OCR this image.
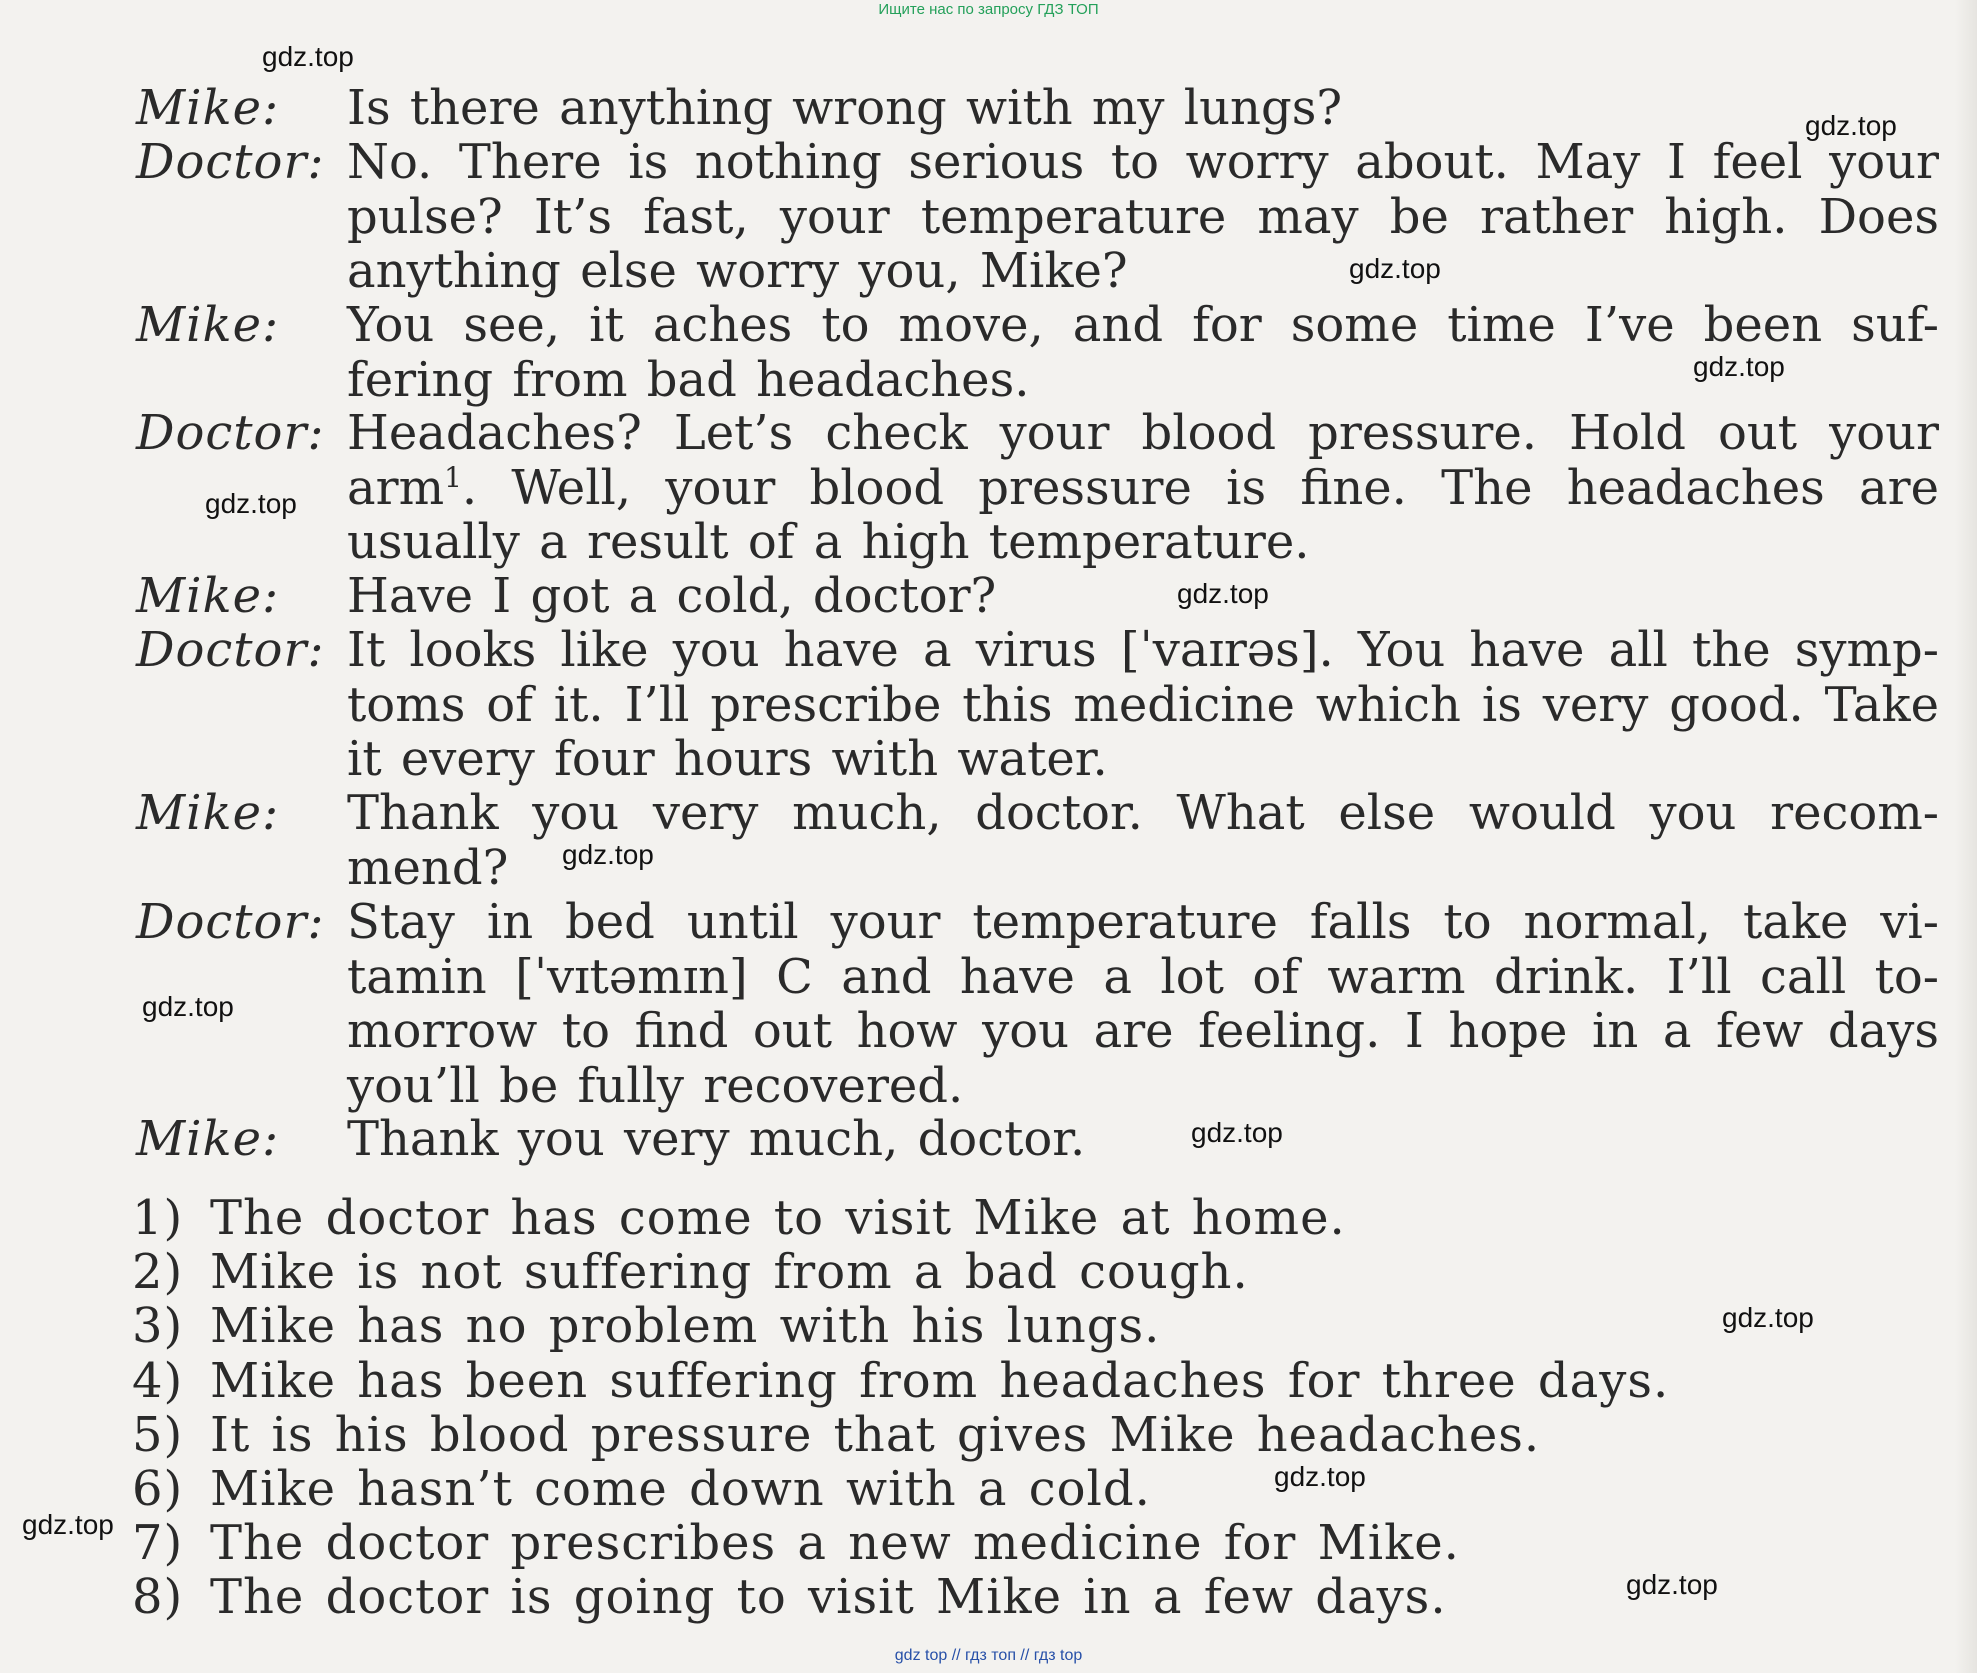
Ищите нас по запросу ГДЗ ТОП
Mike: Is there anything wrong with my lungs?
Doctor: No. There is nothing serious to worry about. May I feel your pulse? It’s fast, your temperature may be rather high. Does anything else worry you, Mike?
Mike: You see, it aches to move, and for some time I’ve been suf- fering from bad headaches.
Doctor: Headaches? Let’s check your blood pressure. Hold out your arm$^1$. Well, your blood pressure is fine. The headaches are usually a result of a high temperature.
Mike: Have I got a cold, doctor?
Doctor: It looks like you have a virus [ˈvaɪrəs]. You have all the symp- toms of it. I’ll prescribe this medicine which is very good. Take it every four hours with water.
Mike: Thank you very much, doctor. What else would you recom- mend?
Doctor: Stay in bed until your temperature falls to normal, take vi- tamin [ˈvɪtəmɪn] C and have a lot of warm drink. I’ll call to- morrow to find out how you are feeling. I hope in a few days you’ll be fully recovered.
Mike: Thank you very much, doctor.
1) The doctor has come to visit Mike at home.
2) Mike is not suffering from a bad cough.
3) Mike has no problem with his lungs.
4) Mike has been suffering from headaches for three days.
5) It is his blood pressure that gives Mike headaches.
6) Mike hasn’t come down with a cold.
7) The doctor prescribes a new medicine for Mike.
8) The doctor is going to visit Mike in a few days.
gdz.top
gdz.top
gdz.top
gdz.top
gdz.top
gdz.top
gdz.top
gdz.top
gdz.top
gdz.top
gdz.top
gdz.top
gdz.top
gdz top // гдз топ // гдз top
